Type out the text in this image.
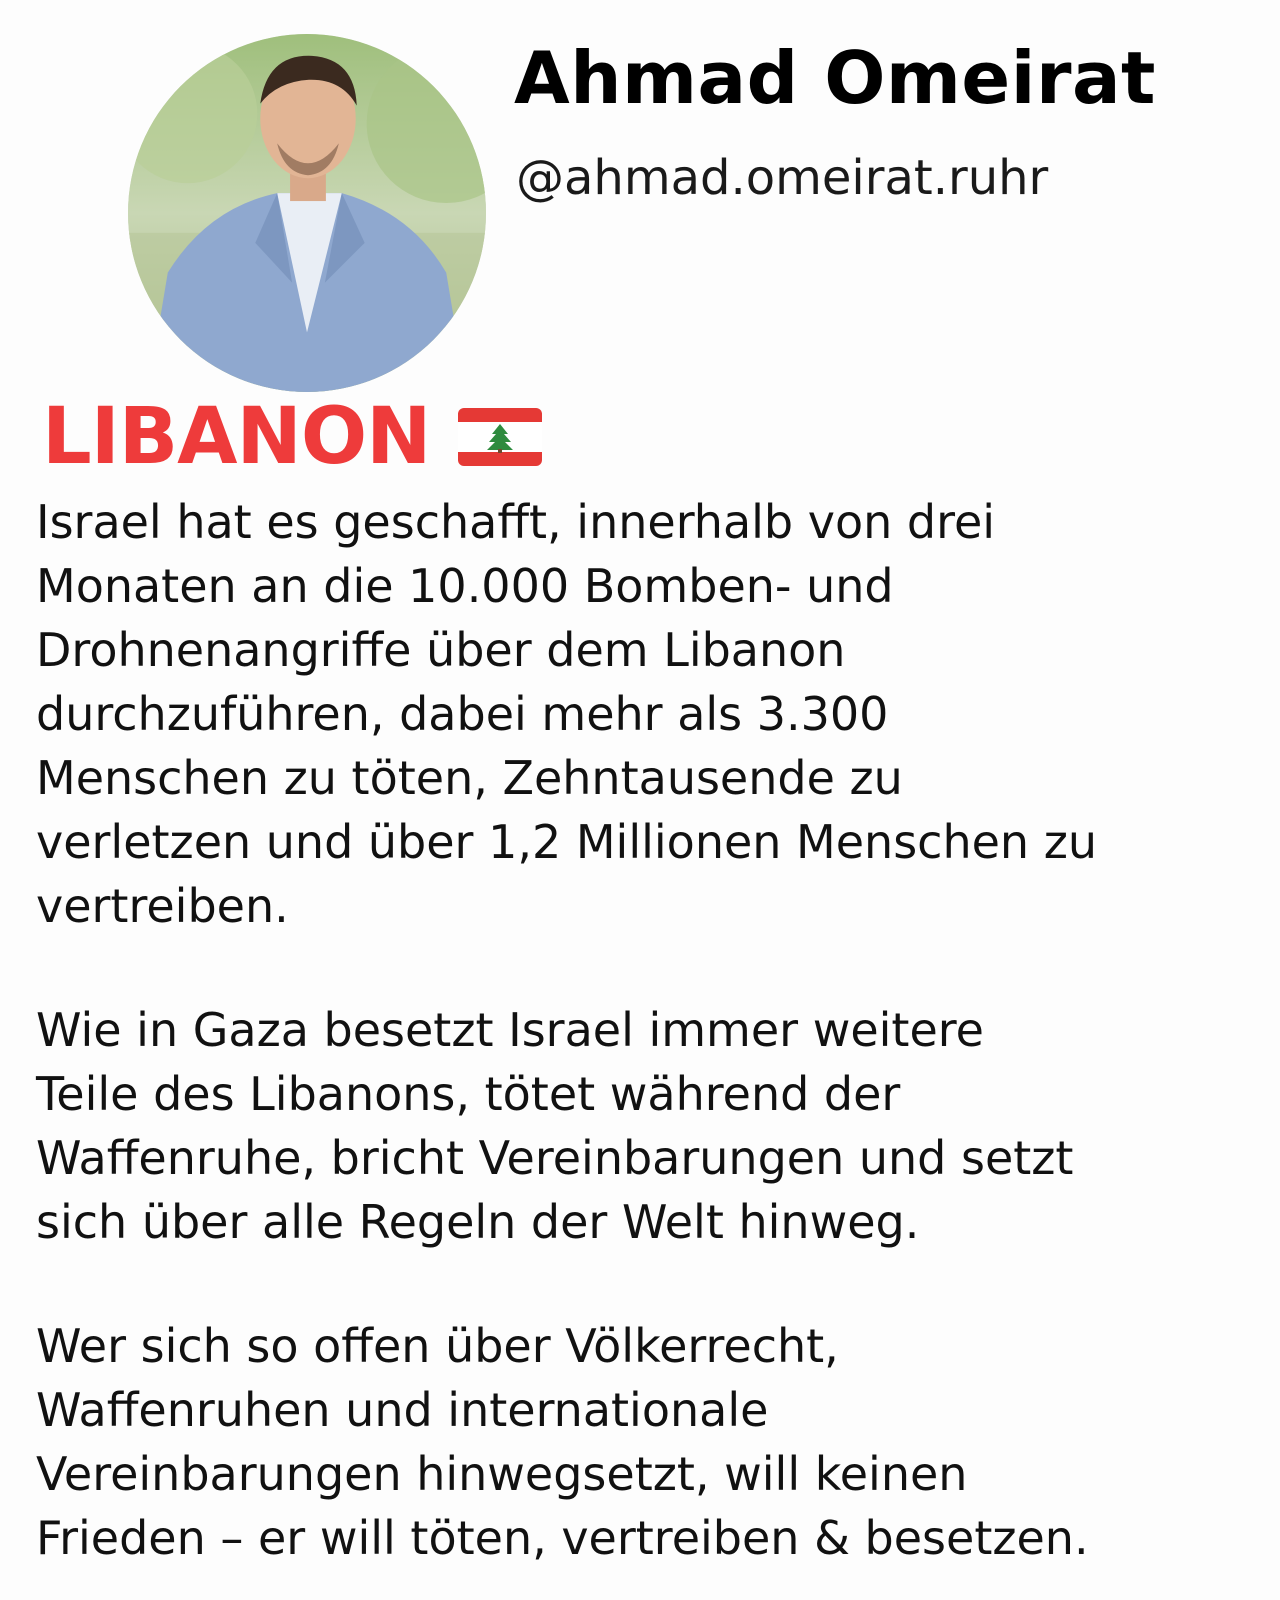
Ahmad Omeirat
@ahmad.omeirat.ruhr
LIBANON

Israel hat es geschafft, innerhalb von drei
Monaten an die 10.000 Bomben- und
Drohnenangriffe über dem Libanon
durchzuführen, dabei mehr als 3.300
Menschen zu töten, Zehntausende zu
verletzen und über 1,2 Millionen Menschen zu
vertreiben.

Wie in Gaza besetzt Israel immer weitere
Teile des Libanons, tötet während der
Waffenruhe, bricht Vereinbarungen und setzt
sich über alle Regeln der Welt hinweg.

Wer sich so offen über Völkerrecht,
Waffenruhen und internationale
Vereinbarungen hinwegsetzt, will keinen
Frieden – er will töten, vertreiben & besetzen.
